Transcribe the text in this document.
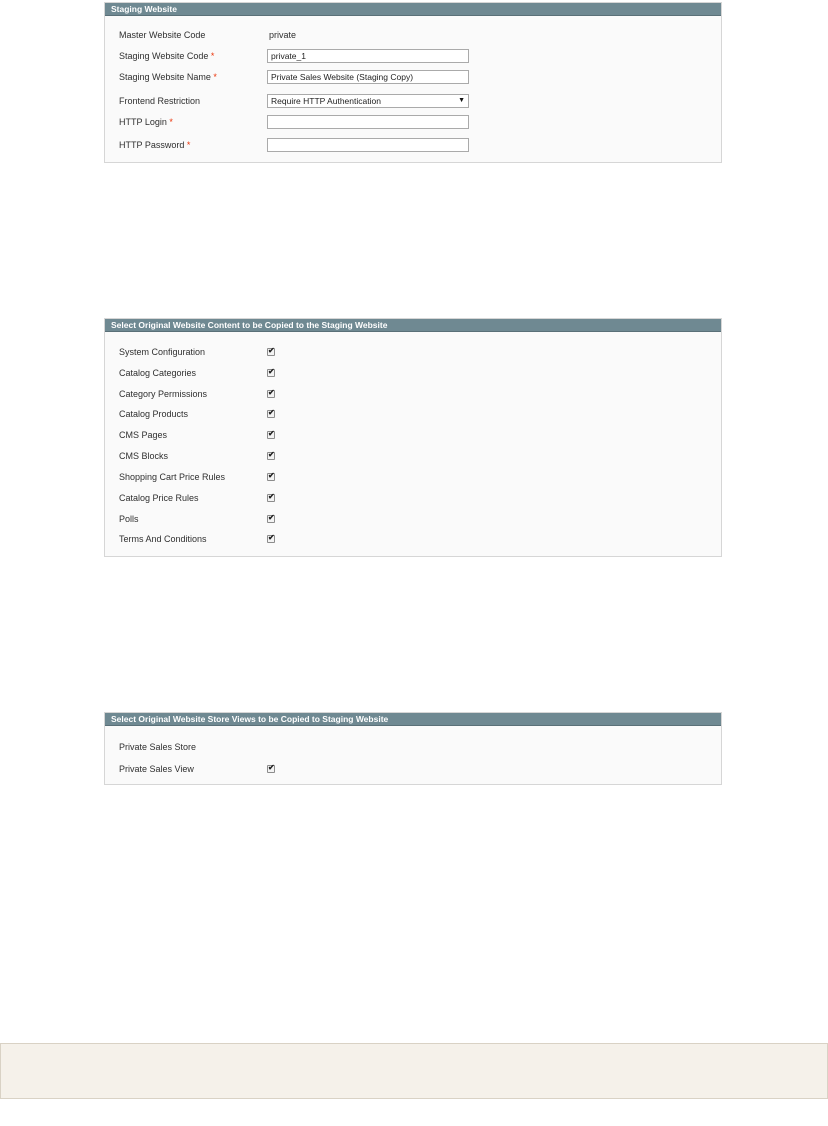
Staging Website
Master Website Code	private
Staging Website Code *	private_1
Staging Website Name *	Private Sales Website (Staging Copy)
Frontend Restriction	Require HTTP Authentication	▼
HTTP Login *
HTTP Password *
Select Original Website Content to be Copied to the Staging Website
System Configuration	✔
Catalog Categories	✔
Category Permissions	✔
Catalog Products	✔
CMS Pages	✔
CMS Blocks	✔
Shopping Cart Price Rules	✔
Catalog Price Rules	✔
Polls	✔
Terms And Conditions	✔
Select Original Website Store Views to be Copied to Staging Website
Private Sales Store
Private Sales View	✔
